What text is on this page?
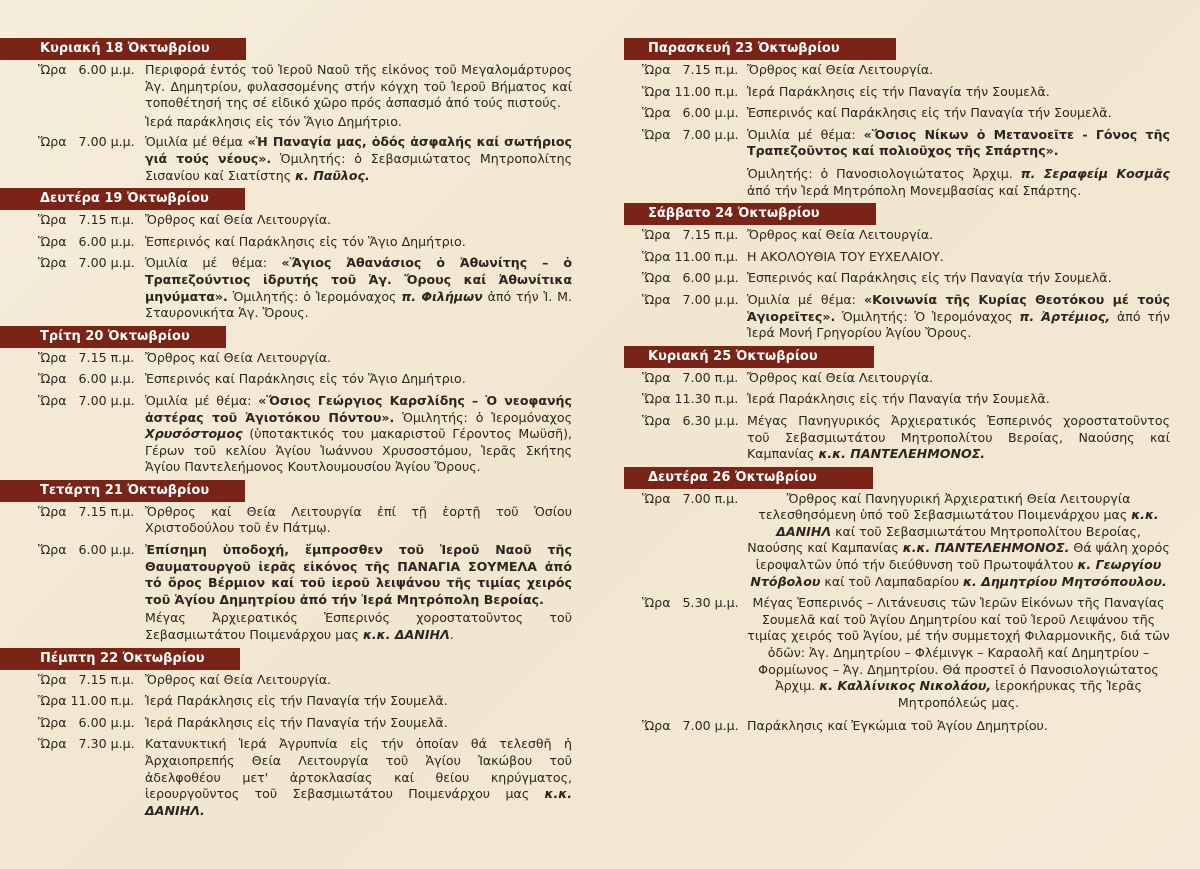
Κυριακή 18 Ὀκτωβρίου
Ὥρα   6.00 μ.μ. Περιφορά ἐντός τοῦ Ἱεροῦ Ναοῦ τῆς εἰκόνος τοῦ Μεγαλομάρτυρος Ἁγ. Δημητρίου, φυλασσομένης στήν κόγχη τοῦ Ἱεροῦ Βήματος καί τοποθέτησή της σέ εἰδικό χῶρο πρός ἀσπασμό ἀπό τούς πιστούς.
Ἱερά παράκλησις εἰς τόν Ἅγιο Δημήτριο.
Ὥρα   7.00 μ.μ. Ὁμιλία μέ θέμα «Ἡ Παναγία μας, ὁδός ἀσφαλής καί σωτήριος γιά τούς νέους». Ὁμιλητής: ὁ Σεβασμιώτατος Μητροπολίτης Σισανίου καί Σιατίστης κ. Παῦλος.
Δευτέρα 19 Ὀκτωβρίου
Ὥρα   7.15 π.μ. Ὄρθρος καί Θεία Λειτουργία.
Ὥρα   6.00 μ.μ. Ἑσπερινός καί Παράκλησις εἰς τόν Ἅγιο Δημήτριο.
Ὥρα   7.00 μ.μ. Ὁμιλία μέ θέμα: «Ἅγιος Ἀθανάσιος ὁ Ἀθωνίτης – ὁ Τραπεζούντιος ἱδρυτής τοῦ Ἁγ. Ὄρους καί Ἀθωνίτικα μηνύματα». Ὁμιλητής: ὁ Ἱερομόναχος π. Φιλήμων ἀπό τήν Ἱ. Μ. Σταυρονικήτα Ἁγ. Ὄρους.
Τρίτη 20 Ὀκτωβρίου
Ὥρα   7.15 π.μ. Ὄρθρος καί Θεία Λειτουργία.
Ὥρα   6.00 μ.μ. Ἑσπερινός καί Παράκλησις εἰς τόν Ἅγιο Δημήτριο.
Ὥρα   7.00 μ.μ. Ὁμιλία μέ θέμα: «Ὅσιος Γεώργιος Καρσλίδης – Ὁ νεοφανής ἀστέρας τοῦ Ἁγιοτόκου Πόντου». Ὁμιλητής: ὁ Ἱερομόναχος Χρυσόστομος (ὑποτακτικός του μακαριστοῦ Γέροντος Μωϋσῆ), Γέρων τοῦ κελίου Ἁγίου Ἰωάννου Χρυσοστόμου, Ἱερᾶς Σκήτης Ἁγίου Παντελεήμονος Κουτλουμουσίου Ἁγίου Ὄρους.
Τετάρτη 21 Ὀκτωβρίου
Ὥρα   7.15 π.μ. Ὄρθρος καί Θεία Λειτουργία ἐπί τῇ ἑορτῇ τοῦ Ὁσίου Χριστοδούλου τοῦ ἐν Πάτμῳ.
Ὥρα   6.00 μ.μ. Ἐπίσημη ὑποδοχή, ἔμπροσθεν τοῦ Ἱεροῦ Ναοῦ τῆς Θαυματουργοῦ ἱερᾶς εἰκόνος τῆς ΠΑΝΑΓΙΑ ΣΟΥΜΕΛΑ ἀπό τό ὄρος Βέρμιον καί τοῦ ἱεροῦ λειψάνου τῆς τιμίας χειρός τοῦ Ἁγίου Δημητρίου ἀπό τήν Ἱερά Μητρόπολη Βεροίας.
Μέγας Ἀρχιερατικός Ἑσπερινός χοροστατοῦντος τοῦ Σεβασμιωτάτου Ποιμενάρχου μας κ.κ. ΔΑΝΙΗΛ.
Πέμπτη 22 Ὀκτωβρίου
Ὥρα   7.15 π.μ. Ὄρθρος καί Θεία Λειτουργία.
Ὥρα 11.00 π.μ. Ἱερά Παράκλησις εἰς τήν Παναγία τήν Σουμελᾶ.
Ὥρα   6.00 μ.μ. Ἱερά Παράκλησις εἰς τήν Παναγία τήν Σουμελᾶ.
Ὥρα   7.30 μ.μ. Κατανυκτική Ἱερά Ἀγρυπνία εἰς τήν ὁποίαν θά τελεσθῆ ἡ Ἀρχαιοπρεπής Θεία Λειτουργία τοῦ Ἁγίου Ἰακώβου τοῦ ἀδελφοθέου μετ' ἀρτοκλασίας καί θείου κηρύγματος, ἱερουργοῦντος τοῦ Σεβασμιωτάτου Ποιμενάρχου μας κ.κ. ΔΑΝΙΗΛ.
Παρασκευή 23 Ὀκτωβρίου
Ὥρα   7.15 π.μ. Ὄρθρος καί Θεία Λειτουργία.
Ὥρα 11.00 π.μ. Ἱερά Παράκλησις εἰς τήν Παναγία τήν Σουμελᾶ.
Ὥρα   6.00 μ.μ. Ἑσπερινός καί Παράκλησις εἰς τήν Παναγία τήν Σουμελᾶ.
Ὥρα   7.00 μ.μ. Ὁμιλία μέ θέμα: «Ὅσιος Νίκων ὁ Μετανοεῖτε - Γόνος τῆς Τραπεζοῦντος καί πολιοῦχος τῆς Σπάρτης».
Ὁμιλητής: ὁ Πανοσιολογιώτατος Ἀρχιμ. π. Σεραφείμ Κοσμᾶς ἀπό τήν Ἱερά Μητρόπολη Μονεμβασίας καί Σπάρτης.
Σάββατο 24 Ὀκτωβρίου
Ὥρα   7.15 π.μ. Ὄρθρος καί Θεία Λειτουργία.
Ὥρα 11.00 π.μ. Η ΑΚΟΛΟΥΘΙΑ ΤΟΥ ΕΥΧΕΛΑΙΟΥ.
Ὥρα   6.00 μ.μ. Ἑσπερινός καί Παράκλησις εἰς τήν Παναγία τήν Σουμελᾶ.
Ὥρα   7.00 μ.μ. Ὁμιλία μέ θέμα: «Κοινωνία τῆς Κυρίας Θεοτόκου μέ τούς Ἁγιορεῖτες». Ὁμιλητής: Ὁ Ἱερομόναχος π. Ἀρτέμιος, ἀπό τήν Ἱερά Μονή Γρηγορίου Ἁγίου Ὄρους.
Κυριακή 25 Ὀκτωβρίου
Ὥρα   7.00 π.μ. Ὄρθρος καί Θεία Λειτουργία.
Ὥρα 11.30 π.μ. Ἱερά Παράκλησις εἰς τήν Παναγία τήν Σουμελᾶ.
Ὥρα   6.30 μ.μ. Μέγας Πανηγυρικός Ἀρχιερατικός Ἑσπερινός χοροστατοῦντος τοῦ Σεβασμιωτάτου Μητροπολίτου Βεροίας, Ναούσης καί Καμπανίας κ.κ. ΠΑΝΤΕΛΕΗΜΟΝΟΣ.
Δευτέρα 26 Ὀκτωβρίου
Ὥρα   7.00 π.μ.	Ὄρθρος καί Πανηγυρική Ἀρχιερατική Θεία Λειτουργία τελεσθησόμενη ὑπό τοῦ Σεβασμιωτάτου Ποιμενάρχου μας κ.κ. ΔΑΝΙΗΛ καί τοῦ Σεβασμιωτάτου Μητροπολίτου Βεροίας, Ναούσης καί Καμπανίας κ.κ. ΠΑΝΤΕΛΕΗΜΟΝΟΣ. Θά ψάλη χορός ἱεροψαλτῶν ὑπό τήν διεύθυνση τοῦ Πρωτοψάλτου κ. Γεωργίου Ντόβολου καί τοῦ Λαμπαδαρίου κ. Δημητρίου Μητσόπουλου.
Ὥρα   5.30 μ.μ.	Μέγας Ἑσπερινός – Λιτάνευσις τῶν Ἱερῶν Εἰκόνων τῆς Παναγίας Σουμελᾶ καί τοῦ Ἁγίου Δημητρίου καί τοῦ Ἱεροῦ Λειψάνου τῆς τιμίας χειρός τοῦ Ἁγίου, μέ τήν συμμετοχή Φιλαρμονικῆς, διά τῶν ὁδῶν: Ἁγ. Δημητρίου – Φλέμινγκ – Καραολῆ καί Δημητρίου – Φορμίωνος – Ἁγ. Δημητρίου. Θά προστεῖ ὁ Πανοσιολογιώτατος Ἀρχιμ. κ. Καλλίνικος Νικολάου, ἱεροκήρυκας τῆς Ἱερᾶς Μητροπόλεώς μας.
Ὥρα   7.00 μ.μ. Παράκλησις καί Ἐγκώμια τοῦ Ἁγίου Δημητρίου.
